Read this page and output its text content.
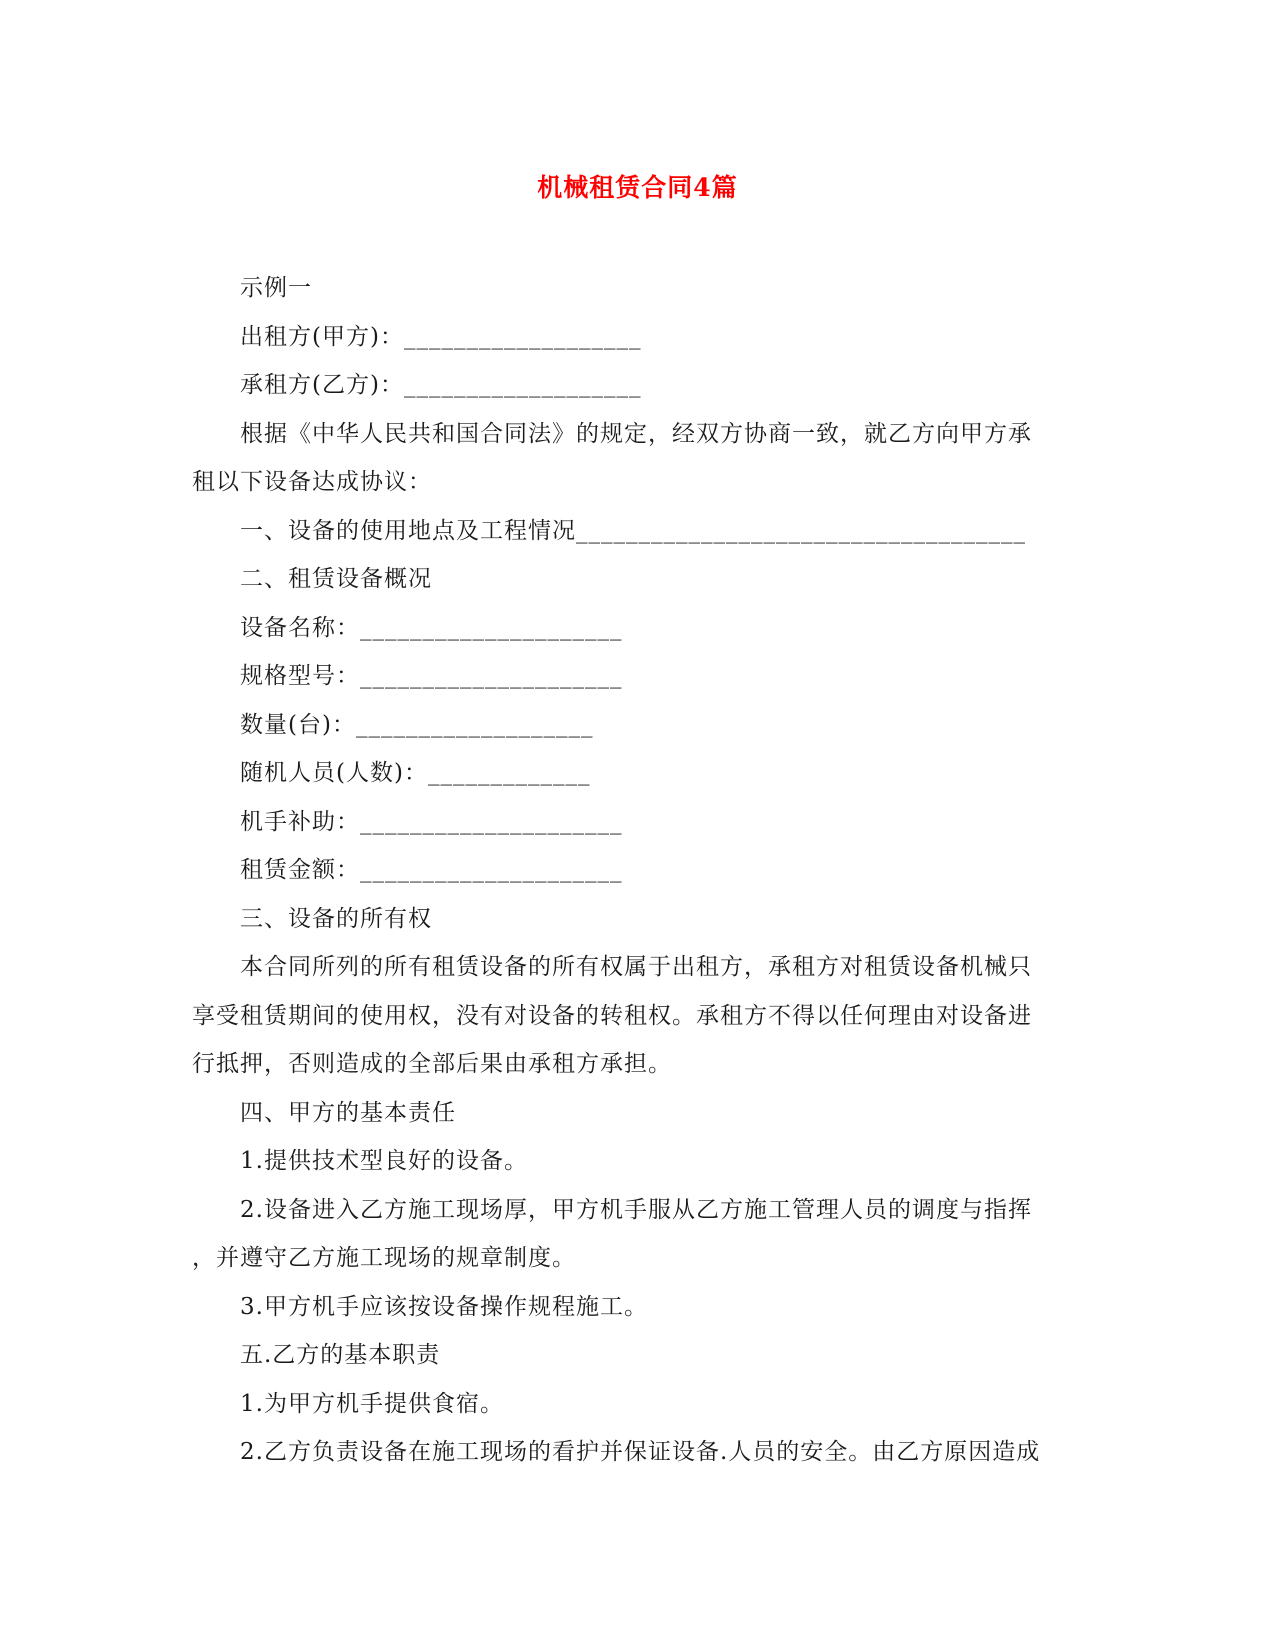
机械租赁合同4篇
示例一
出租方(甲方)：___________________
承租方(乙方)：___________________
根据《中华人民共和国合同法》的规定，经双方协商一致，就乙方向甲方承
租以下设备达成协议：
一、设备的使用地点及工程情况____________________________________
二、租赁设备概况
设备名称：_____________________
规格型号：_____________________
数量(台)：___________________
随机人员(人数)：_____________
机手补助：_____________________
租赁金额：_____________________
三、设备的所有权
本合同所列的所有租赁设备的所有权属于出租方，承租方对租赁设备机械只
享受租赁期间的使用权，没有对设备的转租权。承租方不得以任何理由对设备进
行抵押，否则造成的全部后果由承租方承担。
四、甲方的基本责任
1.提供技术型良好的设备。
2.设备进入乙方施工现场厚，甲方机手服从乙方施工管理人员的调度与指挥
，并遵守乙方施工现场的规章制度。
3.甲方机手应该按设备操作规程施工。
五.乙方的基本职责
1.为甲方机手提供食宿。
2.乙方负责设备在施工现场的看护并保证设备.人员的安全。由乙方原因造成
